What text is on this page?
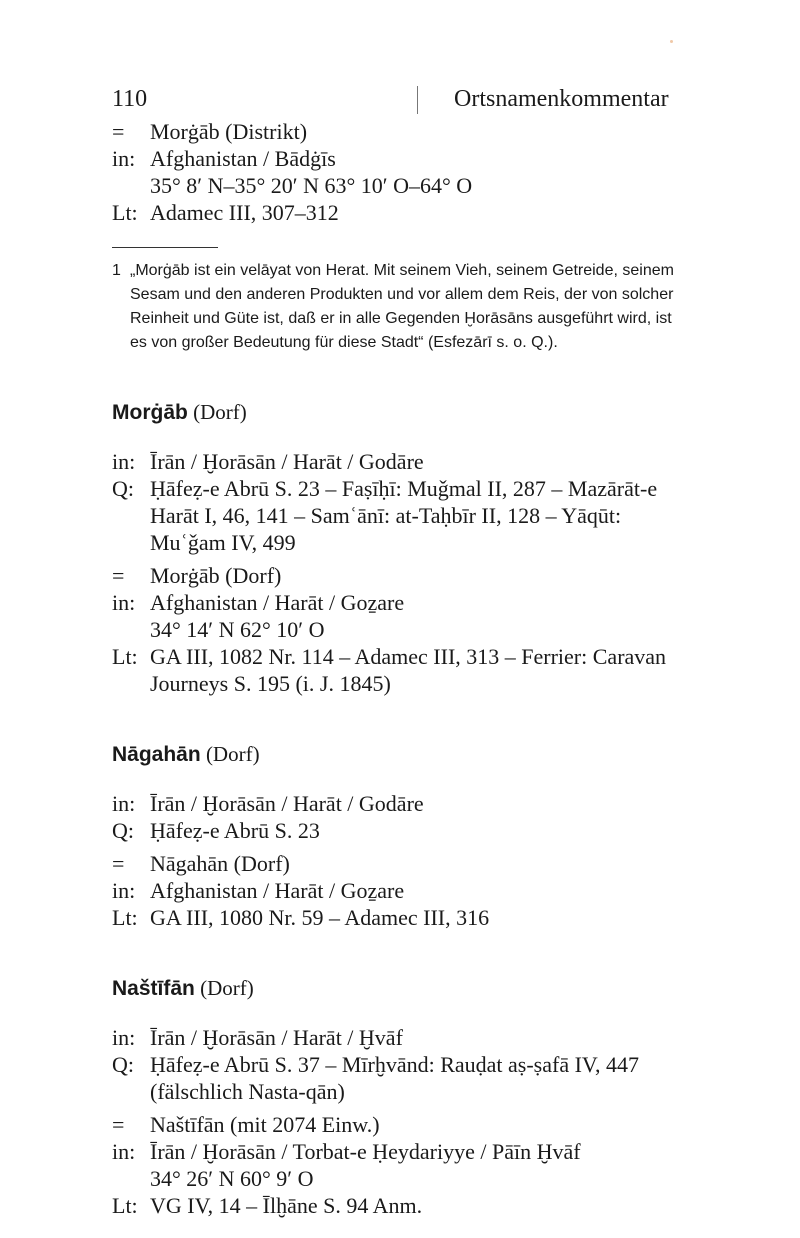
110	Ortsnamenkommentar
=	Morġāb (Distrikt)
in: Afghanistan / Bādġīs
35° 8′ N–35° 20′ N 63° 10′ O–64° O
Lt: Adamec III, 307–312
1 „Morġāb ist ein velāyat von Herat. Mit seinem Vieh, seinem Getreide, seinem Sesam und den anderen Produkten und vor allem dem Reis, der von solcher Reinheit und Güte ist, daß er in alle Gegenden Ḫorāsāns ausgeführt wird, ist es von großer Bedeutung für diese Stadt“ (Esfezārī s. o. Q.).
Morġāb (Dorf)
in: Īrān / Ḫorāsān / Harāt / Godāre
Q: Ḥāfeẓ-e Abrū S. 23 – Faṣīḥī: Muǧmal II, 287 – Mazārāt-e Harāt I, 46, 141 – Samʿānī: at-Taḥbīr II, 128 – Yāqūt: Muʿǧam IV, 499
=	Morġāb (Dorf)
in: Afghanistan / Harāt / Goẕare
34° 14′ N 62° 10′ O
Lt: GA III, 1082 Nr. 114 – Adamec III, 313 – Ferrier: Caravan Journeys S. 195 (i. J. 1845)
Nāgahān (Dorf)
in: Īrān / Ḫorāsān / Harāt / Godāre
Q: Ḥāfeẓ-e Abrū S. 23
=	Nāgahān (Dorf)
in: Afghanistan / Harāt / Goẕare
Lt: GA III, 1080 Nr. 59 – Adamec III, 316
Naštīfān (Dorf)
in: Īrān / Ḫorāsān / Harāt / Ḫvāf
Q: Ḥāfeẓ-e Abrū S. 37 – Mīrḫvānd: Rauḍat aṣ-ṣafā IV, 447 (fälschlich Nasta-qān)
=	Naštīfān (mit 2074 Einw.)
in: Īrān / Ḫorāsān / Torbat-e Ḥeydariyye / Pāīn Ḫvāf
34° 26′ N 60° 9′ O
Lt: VG IV, 14 – Īlḫāne S. 94 Anm.
